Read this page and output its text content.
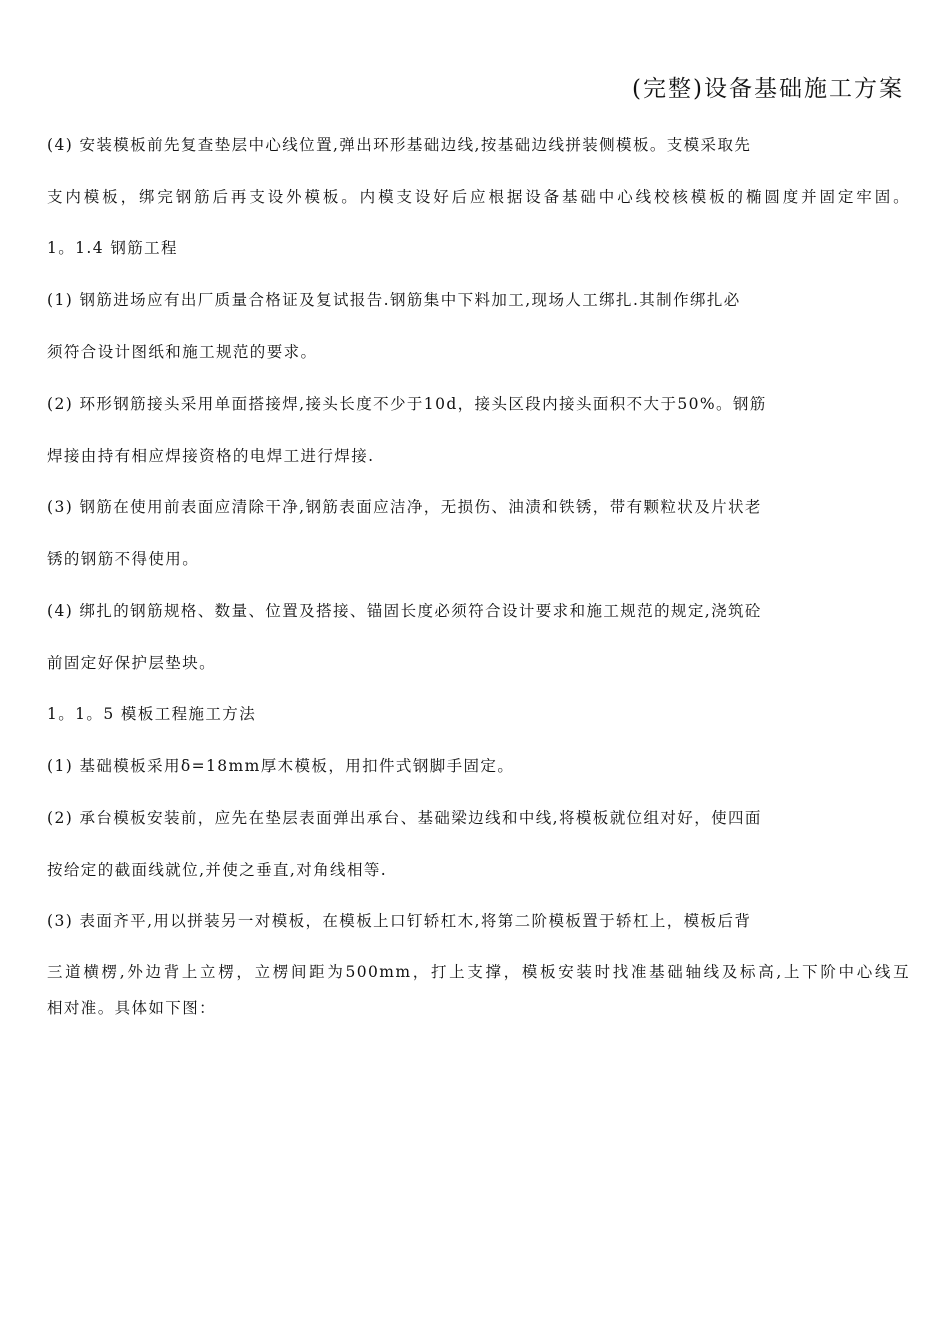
(完整)设备基础施工方案
(4) 安装模板前先复查垫层中心线位置,弹出环形基础边线,按基础边线拼装侧模板。支模采取先
支内模板，绑完钢筋后再支设外模板。内模支设好后应根据设备基础中心线校核模板的椭圆度并固定牢固。
1。1.4 钢筋工程
(1) 钢筋进场应有出厂质量合格证及复试报告.钢筋集中下料加工,现场人工绑扎.其制作绑扎必
须符合设计图纸和施工规范的要求。
(2) 环形钢筋接头采用单面搭接焊,接头长度不少于10d，接头区段内接头面积不大于50%。钢筋
焊接由持有相应焊接资格的电焊工进行焊接.
(3) 钢筋在使用前表面应清除干净,钢筋表面应洁净，无损伤、油渍和铁锈，带有颗粒状及片状老
锈的钢筋不得使用。
(4) 绑扎的钢筋规格、数量、位置及搭接、锚固长度必须符合设计要求和施工规范的规定,浇筑砼
前固定好保护层垫块。
1。1。5 模板工程施工方法
(1) 基础模板采用δ=18mm厚木模板，用扣件式钢脚手固定。
(2) 承台模板安装前，应先在垫层表面弹出承台、基础梁边线和中线,将模板就位组对好，使四面
按给定的截面线就位,并使之垂直,对角线相等.
(3) 表面齐平,用以拼装另一对模板，在模板上口钉轿杠木,将第二阶模板置于轿杠上，模板后背
三道横楞,外边背上立楞，立楞间距为500mm，打上支撑，模板安装时找准基础轴线及标高,上下阶中心线互
相对准。具体如下图：
